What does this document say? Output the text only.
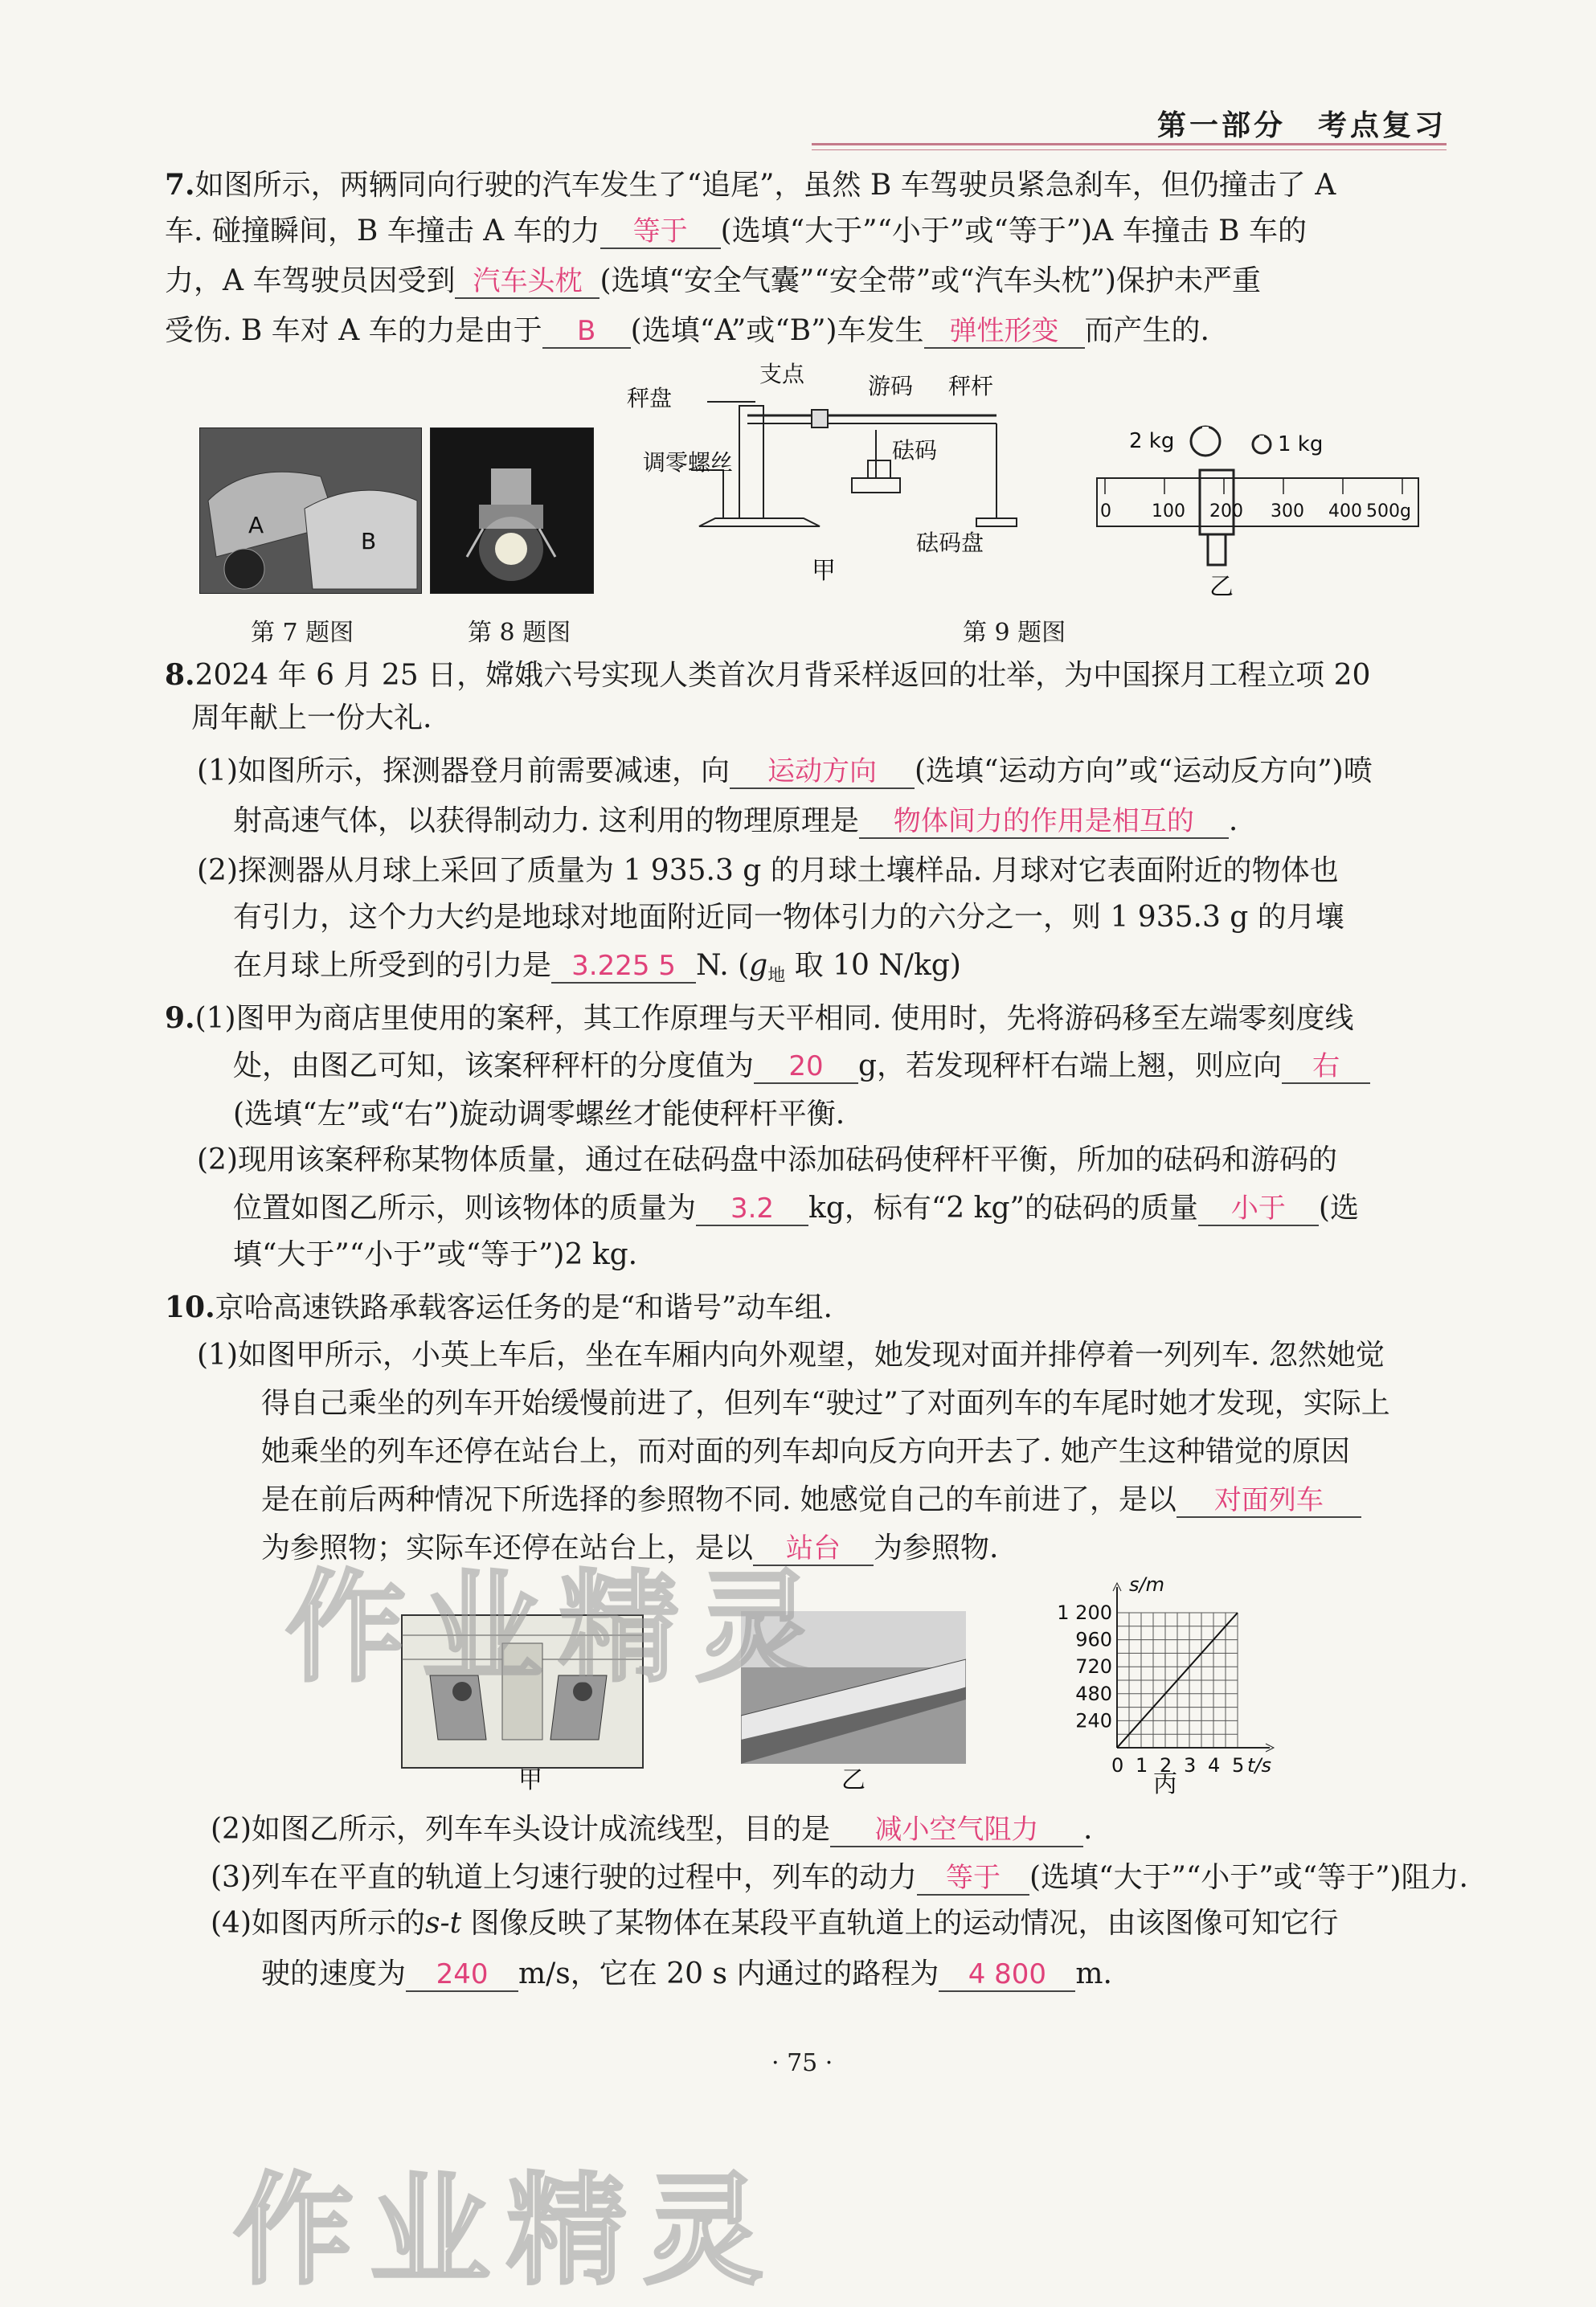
第一部分　考点复习
7.如图所示，两辆同向行驶的汽车发生了“追尾”，虽然 B 车驾驶员紧急刹车，但仍撞击了 A
车. 碰撞瞬间，B 车撞击 A 车的力 等于 (选填“大于”“小于”或“等于”)A 车撞击 B 车的
力，A 车驾驶员因受到 汽车头枕 (选填“安全气囊”“安全带”或“汽车头枕”)保护未严重
受伤. B 车对 A 车的力是由于 B (选填“A”或“B”)车发生 弹性形变 而产生的.
A
B
秤盘
支点	游码 秤杆
调零螺丝	砝码
砝码盘
甲
2 kg	1 kg
0 100 200 300 400 500g
乙
第 7 题图	第 8 题图	第 9 题图
8.2024 年 6 月 25 日，嫦娥六号实现人类首次月背采样返回的壮举，为中国探月工程立项 20
周年献上一份大礼.
(1)如图所示，探测器登月前需要减速，向 运动方向 (选填“运动方向”或“运动反方向”)喷
射高速气体，以获得制动力. 这利用的物理原理是 物体间力的作用是相互的 .
(2)探测器从月球上采回了质量为 1 935.3 g 的月球土壤样品. 月球对它表面附近的物体也
有引力，这个力大约是地球对地面附近同一物体引力的六分之一，则 1 935.3 g 的月壤
在月球上所受到的引力是 3.225 5 N. ($g_地$ 取 10 N/kg)
9.(1)图甲为商店里使用的案秤，其工作原理与天平相同. 使用时，先将游码移至左端零刻度线
处，由图乙可知，该案秤秤杆的分度值为 20 g，若发现秤杆右端上翘，则应向 右
(选填“左”或“右”)旋动调零螺丝才能使秤杆平衡.
(2)现用该案秤称某物体质量，通过在砝码盘中添加砝码使秤杆平衡，所加的砝码和游码的
位置如图乙所示，则该物体的质量为 3.2 kg，标有“2 kg”的砝码的质量 小于 (选
填“大于”“小于”或“等于”)2 kg.
10.京哈高速铁路承载客运任务的是“和谐号”动车组.
(1)如图甲所示，小英上车后，坐在车厢内向外观望，她发现对面并排停着一列列车. 忽然她觉
得自己乘坐的列车开始缓慢前进了，但列车“驶过”了对面列车的车尾时她才发现，实际上
她乘坐的列车还停在站台上，而对面的列车却向反方向开去了. 她产生这种错觉的原因
是在前后两种情况下所选择的参照物不同. 她感觉自己的车前进了，是以 对面列车
为参照物；实际车还停在站台上，是以 站台 为参照物.
甲	乙
s/m
t/s
240
480
720
960
1 200
0 1 2 3 4 5
丙
(2)如图乙所示，列车车头设计成流线型，目的是 减小空气阻力 .
(3)列车在平直的轨道上匀速行驶的过程中，列车的动力 等于 (选填“大于”“小于”或“等于”)阻力.
(4)如图丙所示的s-t 图像反映了某物体在某段平直轨道上的运动情况，由该图像可知它行
驶的速度为 240 m/s，它在 20 s 内通过的路程为 4 800 m.
· 75 ·
作业精灵
作业精灵
